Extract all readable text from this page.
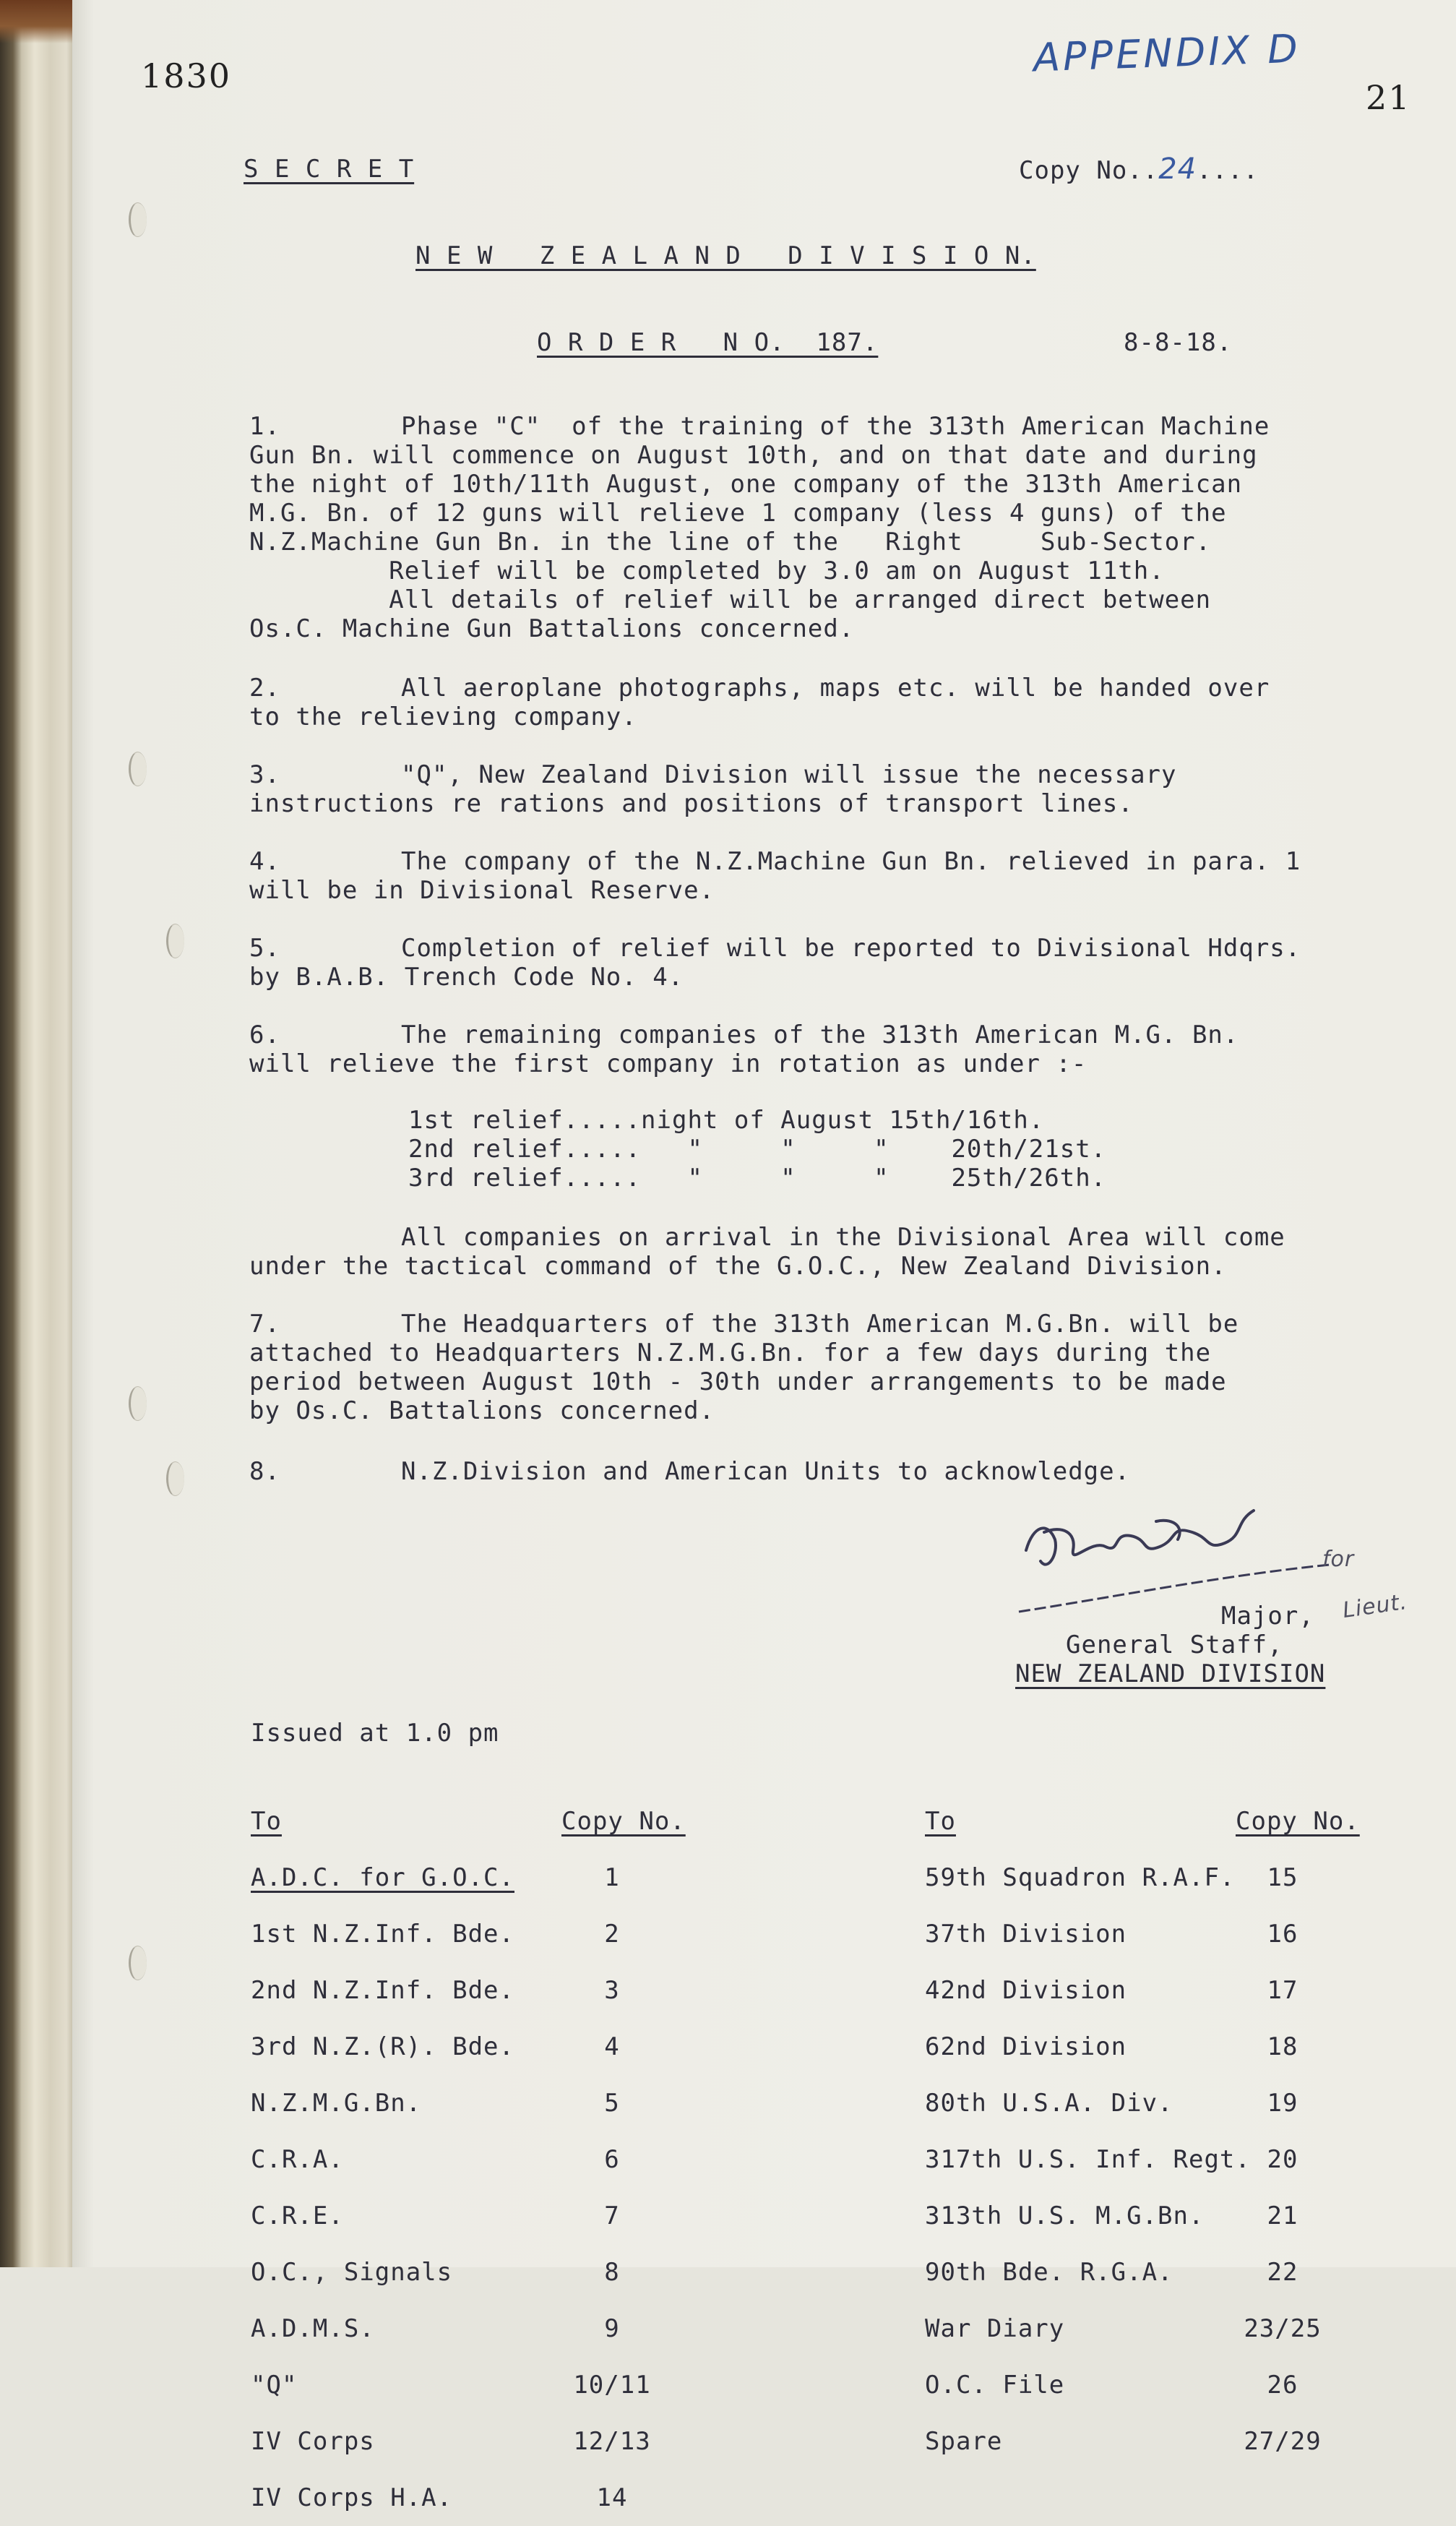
1830
21
APPENDIX D
S E C R E T	Copy No..24....
N E W   Z E A L A N D   D I V I S I O N.
O R D E R   N O.  187.	8-8-18.
1.	Phase "C"  of the training of the 313th American Machine
Gun Bn. will commence on August 10th, and on that date and during
the night of 10th/11th August, one company of the 313th American
M.G. Bn. of 12 guns will relieve 1 company (less 4 guns) of the
N.Z.Machine Gun Bn. in the line of the   Right     Sub-Sector.
Relief will be completed by 3.0 am on August 11th.
All details of relief will be arranged direct between
Os.C. Machine Gun Battalions concerned.
2.	All aeroplane photographs, maps etc. will be handed over
to the relieving company.
3.	"Q", New Zealand Division will issue the necessary
instructions re rations and positions of transport lines.
4.	The company of the N.Z.Machine Gun Bn. relieved in para. 1
will be in Divisional Reserve.
5.	Completion of relief will be reported to Divisional Hdqrs.
by B.A.B. Trench Code No. 4.
6.	The remaining companies of the 313th American M.G. Bn.
will relieve the first company in rotation as under :-
1st relief.....night of August 15th/16th.
2nd relief.....   "     "     "    20th/21st.
3rd relief.....   "     "     "    25th/26th.
All companies on arrival in the Divisional Area will come
under the tactical command of the G.O.C., New Zealand Division.
7.	The Headquarters of the 313th American M.G.Bn. will be
attached to Headquarters N.Z.M.G.Bn. for a few days during the
period between August 10th - 30th under arrangements to be made
by Os.C. Battalions concerned.
8.	N.Z.Division and American Units to acknowledge.
for
Lieut.
Major,
General Staff,
NEW ZEALAND DIVISION
Issued at 1.0 pm

To	Copy No.

A.D.C. for G.O.C.	1

1st N.Z.Inf. Bde.	2

2nd N.Z.Inf. Bde.	3

3rd N.Z.(R). Bde.	4

N.Z.M.G.Bn.	5

C.R.A.	6

C.R.E.	7

O.C., Signals	8

A.D.M.S.	9

"Q"	10/11

IV Corps	12/13

IV Corps H.A.	14

To	Copy No.

59th Squadron R.A.F. 15

37th Division	16

42nd Division	17

62nd Division	18

80th U.S.A. Div.	19

317th U.S. Inf. Regt. 20

313th U.S. M.G.Bn.	21

90th Bde. R.G.A.	22

War Diary	23/25

O.C. File	26

Spare	27/29
